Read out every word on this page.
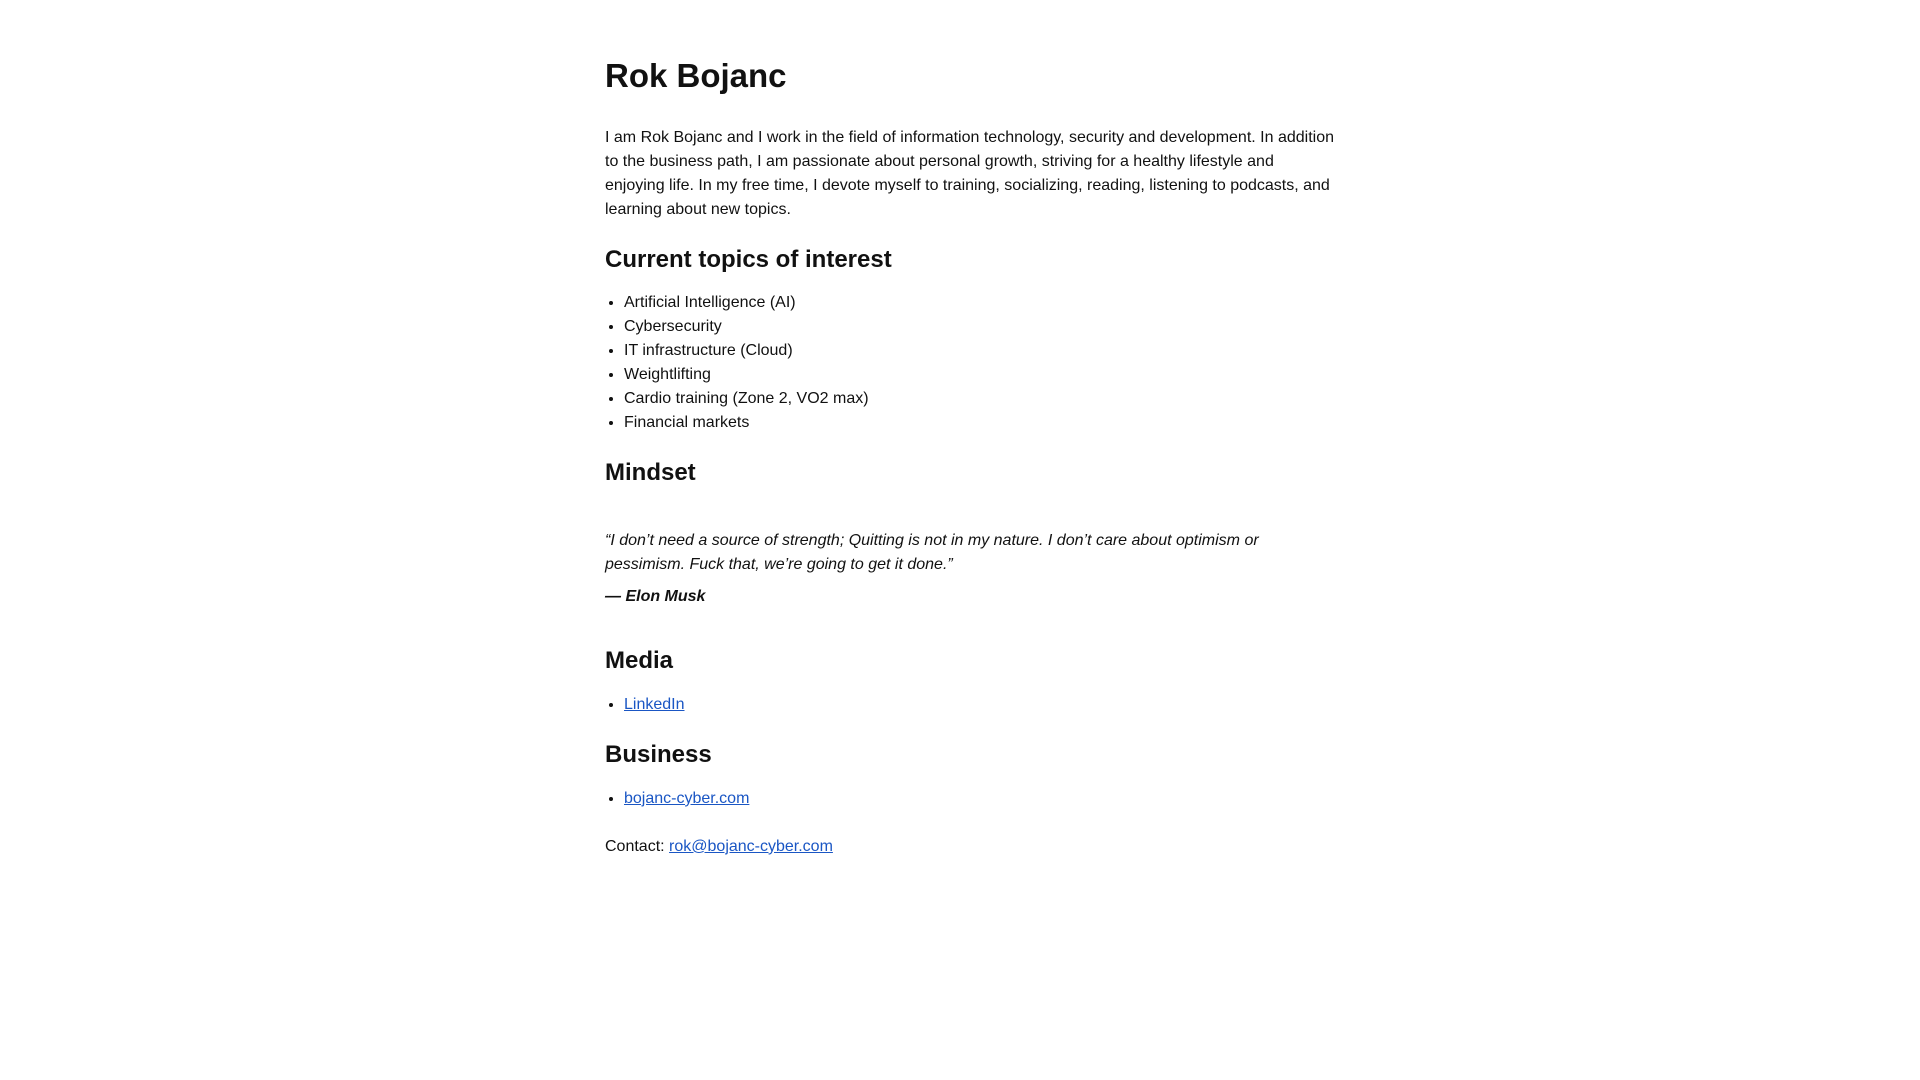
Rok Bojanc

I am Rok Bojanc and I work in the field of information technology, security and development. In addition to the business path, I am passionate about personal growth, striving for a healthy lifestyle and enjoying life. In my free time, I devote myself to training, socializing, reading, listening to podcasts, and learning about new topics.

Current topics of interest
• Artificial Intelligence (AI)
• Cybersecurity
• IT infrastructure (Cloud)
• Weightlifting
• Cardio training (Zone 2, VO2 max)
• Financial markets
Mindset

“I don’t need a source of strength; Quitting is not in my nature. I don’t care about optimism or pessimism. Fuck that, we’re going to get it done.”

— Elon Musk

Media
• LinkedIn
Business
• bojanc-cyber.com

Contact: rok@bojanc-cyber.com
